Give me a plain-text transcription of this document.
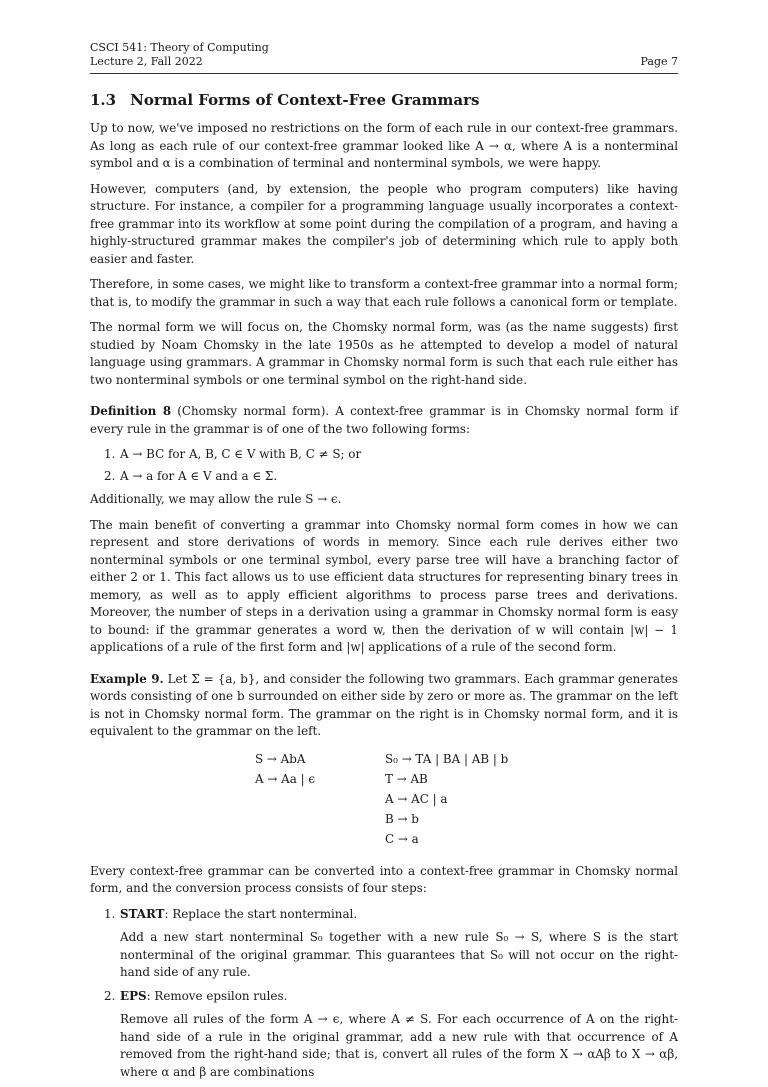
CSCI 541: Theory of Computing
Lecture 2, Fall 2022	Page 7
1.3 Normal Forms of Context-Free Grammars

Up to now, we've imposed no restrictions on the form of each rule in our context-free grammars. As long as each rule of our context-free grammar looked like A → α, where A is a nonterminal symbol and α is a combination of terminal and nonterminal symbols, we were happy.

However, computers (and, by extension, the people who program computers) like having structure. For instance, a compiler for a programming language usually incorporates a context-free grammar into its workflow at some point during the compilation of a program, and having a highly-structured grammar makes the compiler's job of determining which rule to apply both easier and faster.

Therefore, in some cases, we might like to transform a context-free grammar into a normal form; that is, to modify the grammar in such a way that each rule follows a canonical form or template.

The normal form we will focus on, the Chomsky normal form, was (as the name suggests) first studied by Noam Chomsky in the late 1950s as he attempted to develop a model of natural language using grammars. A grammar in Chomsky normal form is such that each rule either has two nonterminal symbols or one terminal symbol on the right-hand side.

Definition 8 (Chomsky normal form). A context-free grammar is in Chomsky normal form if every rule in the grammar is of one of the two following forms:

1. A → BC for A, B, C ∈ V with B, C ≠ S; or
2. A → a for A ∈ V and a ∈ Σ.

Additionally, we may allow the rule S → ϵ.

The main benefit of converting a grammar into Chomsky normal form comes in how we can represent and store derivations of words in memory. Since each rule derives either two nonterminal symbols or one terminal symbol, every parse tree will have a branching factor of either 2 or 1. This fact allows us to use efficient data structures for representing binary trees in memory, as well as to apply efficient algorithms to process parse trees and derivations. Moreover, the number of steps in a derivation using a grammar in Chomsky normal form is easy to bound: if the grammar generates a word w, then the derivation of w will contain |w| − 1 applications of a rule of the first form and |w| applications of a rule of the second form.

Example 9. Let Σ = {a, b}, and consider the following two grammars. Each grammar generates words consisting of one b surrounded on either side by zero or more as. The grammar on the left is not in Chomsky normal form. The grammar on the right is in Chomsky normal form, and it is equivalent to the grammar on the left.

S → AbA
A → Aa | ϵ
S₀ → TA | BA | AB | b
T → AB
A → AC | a
B → b
C → a

Every context-free grammar can be converted into a context-free grammar in Chomsky normal form, and the conversion process consists of four steps:

1. START: Replace the start nonterminal.

Add a new start nonterminal S₀ together with a new rule S₀ → S, where S is the start nonterminal of the original grammar. This guarantees that S₀ will not occur on the right-hand side of any rule.

2. EPS: Remove epsilon rules.

Remove all rules of the form A → ϵ, where A ≠ S. For each occurrence of A on the right-hand side of a rule in the original grammar, add a new rule with that occurrence of A removed from the right-hand side; that is, convert all rules of the form X → αAβ to X → αβ, where α and β are combinations
